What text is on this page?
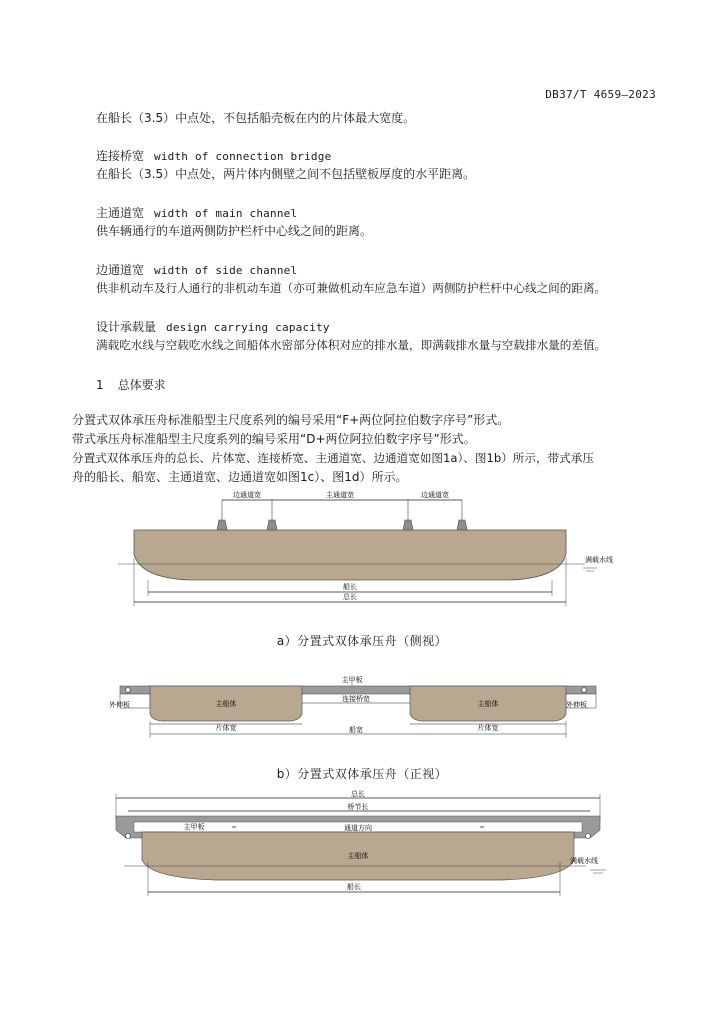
DB37/T 4659—2023
在船长（3.5）中点处，不包括船壳板在内的片体最大宽度。
连接桥宽 width of connection bridge
在船长（3.5）中点处，两片体内侧壁之间不包括壁板厚度的水平距离。
主通道宽 width of main channel
供车辆通行的车道两侧防护栏杆中心线之间的距离。
边通道宽 width of side channel
供非机动车及行人通行的非机动车道（亦可兼做机动车应急车道）两侧防护栏杆中心线之间的距离。
设计承载量 design carrying capacity
满载吃水线与空载吃水线之间船体水密部分体积对应的排水量，即满载排水量与空载排水量的差值。
1 总体要求
分置式双体承压舟标准船型主尺度系列的编号采用“F+两位阿拉伯数字序号”形式。
带式承压舟标准船型主尺度系列的编号采用“D+两位阿拉伯数字序号”形式。
分置式双体承压舟的总长、片体宽、连接桥宽、主通道宽、边通道宽如图1a）、图1b）所示，带式承压
舟的船长、船宽、主通道宽、边通道宽如图1c）、图1d）所示。
边通道宽	主通道宽	边通道宽
满载水线
船长
总长
a）分置式双体承压舟（侧视）
主甲板
外伸板	外伸板
主船体	主船体
连接桥宽
片体宽	片体宽
船宽
b）分置式双体承压舟（正视）
总长
桥节长
主甲板	通道方向
主船体
满载水线
船长
